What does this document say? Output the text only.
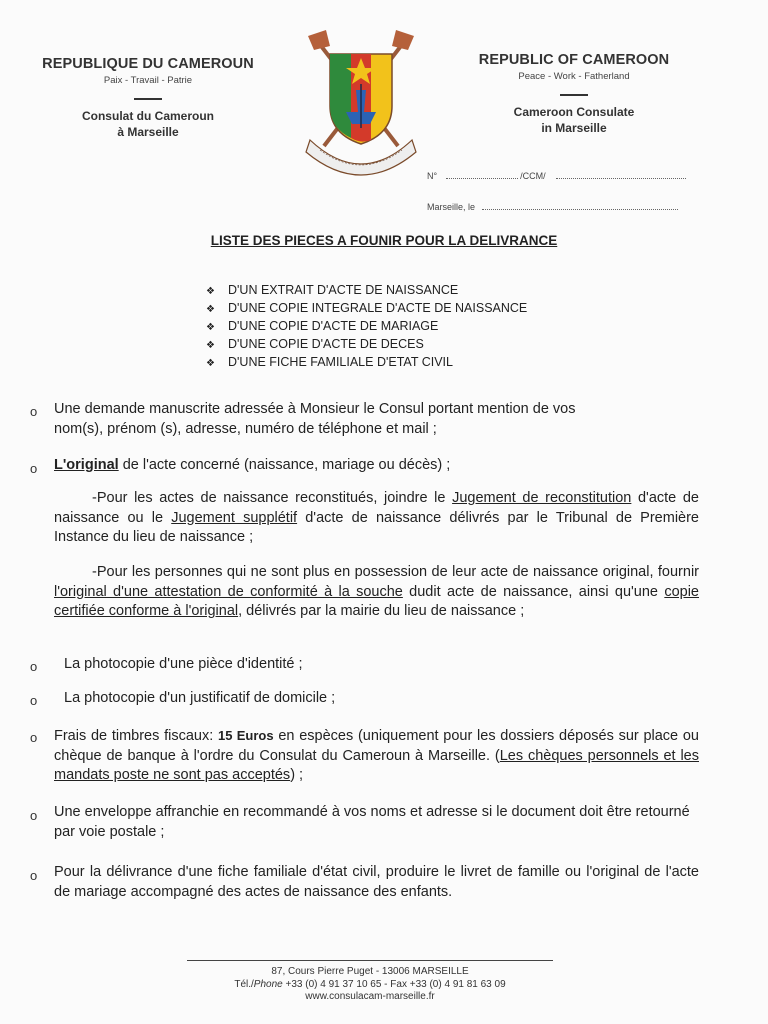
REPUBLIQUE DU CAMEROUN
Paix - Travail - Patrie
Consulat du Cameroun
à Marseille
REPUBLIC OF CAMEROON
Peace - Work - Fatherland
Cameroon Consulate
in Marseille
N°	/CCM/
Marseille, le
LISTE DES PIECES A FOUNIR POUR LA DELIVRANCE
❖ D'UN EXTRAIT D'ACTE DE NAISSANCE
❖ D'UNE COPIE INTEGRALE D'ACTE DE NAISSANCE
❖ D'UNE COPIE D'ACTE DE MARIAGE
❖ D'UNE COPIE D'ACTE DE DECES
❖ D'UNE FICHE FAMILIALE D'ETAT CIVIL
o Une demande manuscrite adressée à Monsieur le Consul portant mention de vos
nom(s), prénom (s), adresse, numéro de téléphone et mail ;
o L'original de l'acte concerné (naissance, mariage ou décès) ;
-Pour les actes de naissance reconstitués, joindre le Jugement de reconstitution d'acte de naissance ou le Jugement supplétif d'acte de naissance délivrés par le Tribunal de Première Instance du lieu de naissance ;
-Pour les personnes qui ne sont plus en possession de leur acte de naissance original, fournir l'original d'une attestation de conformité à la souche dudit acte de naissance, ainsi qu'une copie certifiée conforme à l'original, délivrés par la mairie du lieu de naissance ;
o La photocopie d'une pièce d'identité ;
o La photocopie d'un justificatif de domicile ;
o Frais de timbres fiscaux: 15 Euros en espèces (uniquement pour les dossiers déposés sur place ou chèque de banque à l'ordre du Consulat du Cameroun à Marseille. (Les chèques personnels et les mandats poste ne sont pas acceptés) ;
o Une enveloppe affranchie en recommandé à vos noms et adresse si le document doit être retourné par voie postale ;
o Pour la délivrance d'une fiche familiale d'état civil, produire le livret de famille ou l'original de l'acte de mariage accompagné des actes de naissance des enfants.
87, Cours Pierre Puget - 13006 MARSEILLE
Tél./Phone +33 (0) 4 91 37 10 65 - Fax +33 (0) 4 91 81 63 09
www.consulacam-marseille.fr
